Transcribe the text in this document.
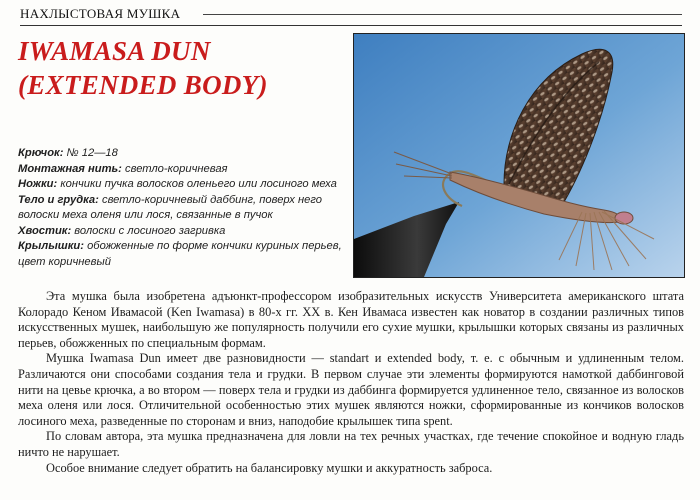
НАХЛЫСТОВАЯ МУШКА
IWAMASA DUN
(EXTENDED BODY)

Крючок: № 12—18

Монтажная нить: светло-коричневая

Ножки: кончики пучка волосков оленьего или лосиного меха

Тело и грудка: светло-коричневый даббинг, поверх него волоски меха оленя или лося, связанные в пучок

Хвостик: волоски с лосиного загривка

Крылышки: обожженные по форме кончики куриных перьев, цвет коричневый

Эта мушка была изобретена адъюнкт-профессором изобразительных искусств Университета американского штата Колорадо Кеном Ивамасой (Ken Iwamasa) в 80-х гг. XX в. Кен Ивамаса известен как новатор в создании различных типов искусственных мушек, наибольшую же популярность получили его сухие мушки, крылышки которых связаны из различных перьев, обожженных по специальным формам.

Мушка Iwamasa Dun имеет две разновидности — standart и extended body, т. е. с обычным и удлиненным телом. Различаются они способами создания тела и грудки. В первом случае эти элементы формируются намоткой даббинговой нити на цевье крючка, а во втором — поверх тела и грудки из даббинга формируется удлиненное тело, связанное из волосков меха оленя или лося. Отличительной особенностью этих мушек являются ножки, сформированные из кончиков волосков лосиного меха, разведенные по сторонам и вниз, наподобие крылышек типа spent.

По словам автора, эта мушка предназначена для ловли на тех речных участках, где течение спокойное и водную гладь ничто не нарушает.

Особое внимание следует обратить на балансировку мушки и аккуратность заброса.
